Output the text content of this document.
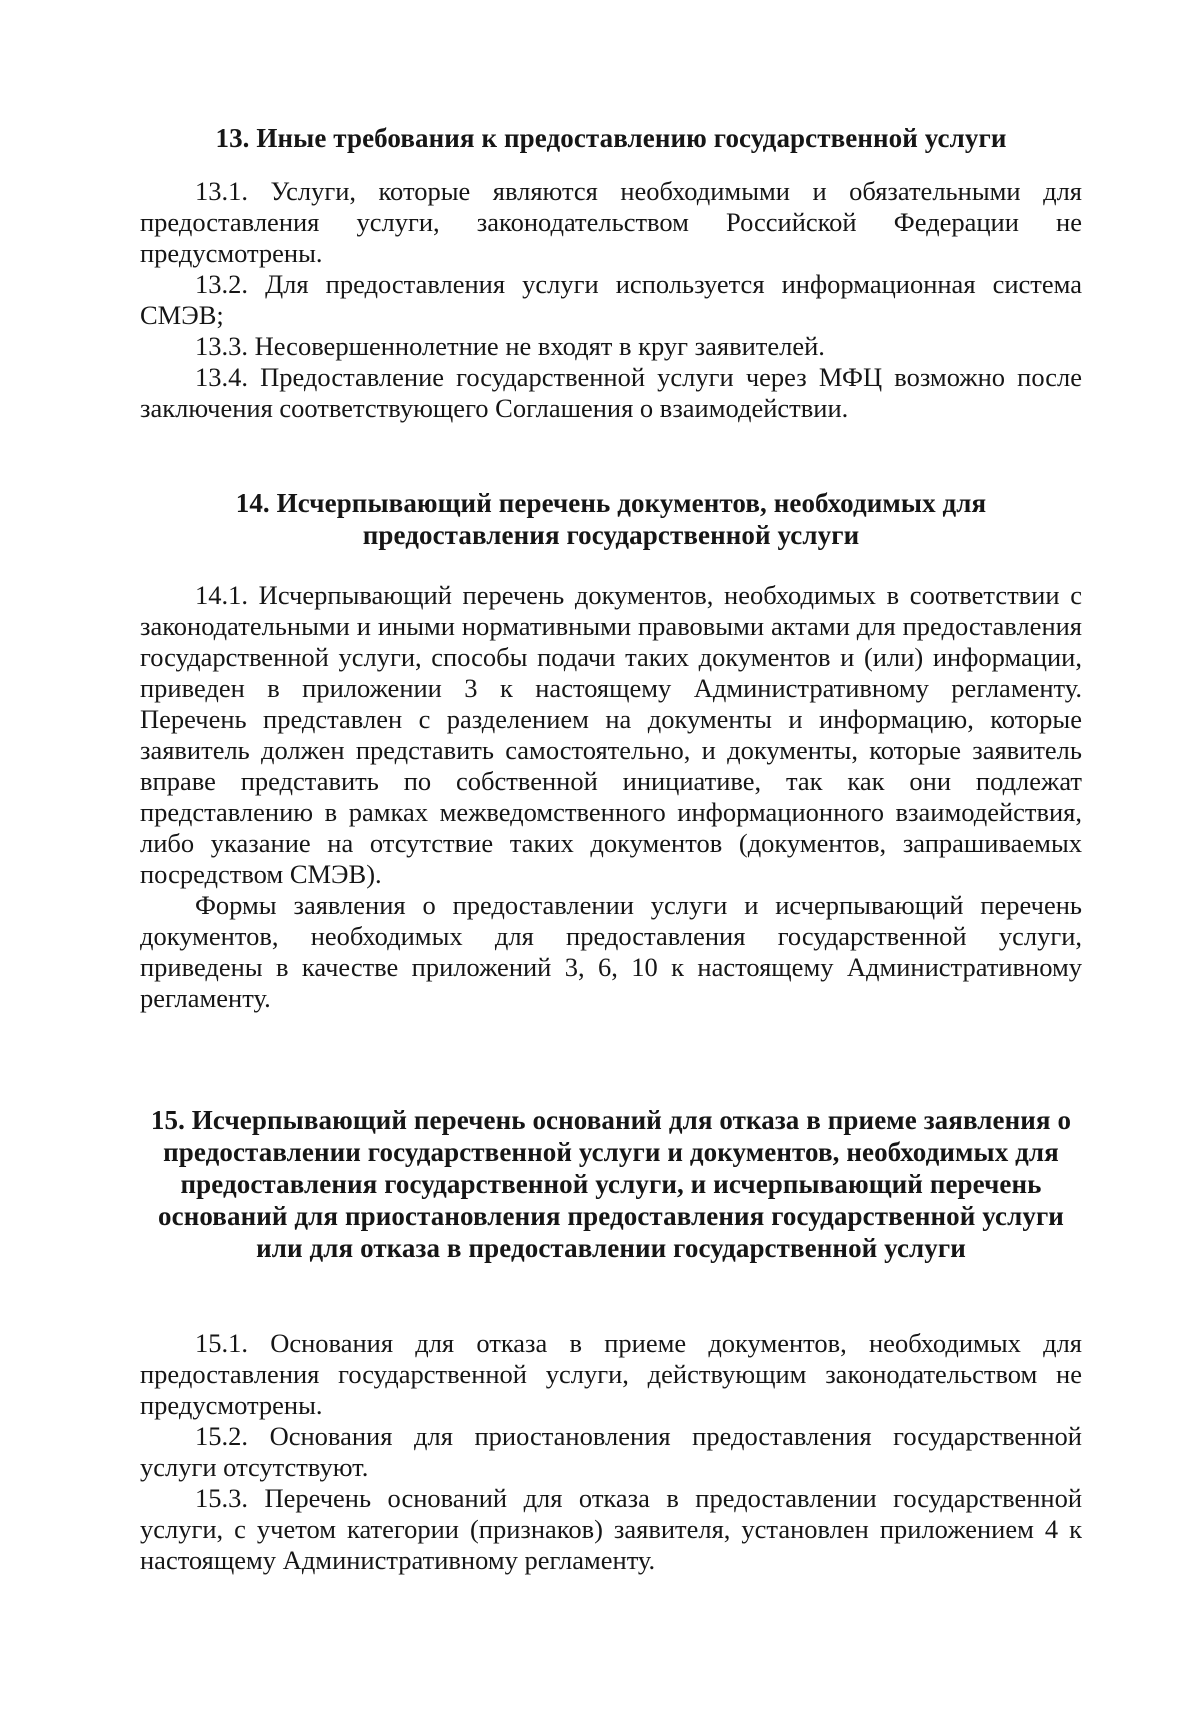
13. Иные требования к предоставлению государственной услуги

13.1. Услуги, которые являются необходимыми и обязательными для предоставления услуги, законодательством Российской Федерации не предусмотрены.

13.2. Для предоставления услуги используется информационная система СМЭВ;

13.3. Несовершеннолетние не входят в круг заявителей.

13.4. Предоставление государственной услуги через МФЦ возможно после заключения соответствующего Соглашения о взаимодействии.

14. Исчерпывающий перечень документов, необходимых для предоставления государственной услуги

14.1. Исчерпывающий перечень документов, необходимых в соответствии с законодательными и иными нормативными правовыми актами для предоставления государственной услуги, способы подачи таких документов и (или) информации, приведен в приложении 3 к настоящему Административному регламенту. Перечень представлен с разделением на документы и информацию, которые заявитель должен представить самостоятельно, и документы, которые заявитель вправе представить по собственной инициативе, так как они подлежат представлению в рамках межведомственного информационного взаимодействия, либо указание на отсутствие таких документов (документов, запрашиваемых посредством СМЭВ).

Формы заявления о предоставлении услуги и исчерпывающий перечень документов, необходимых для предоставления государственной услуги, приведены в качестве приложений 3, 6, 10 к настоящему Административному регламенту.

15. Исчерпывающий перечень оснований для отказа в приеме заявления о предоставлении государственной услуги и документов, необходимых для предоставления государственной услуги, и исчерпывающий перечень оснований для приостановления предоставления государственной услуги или для отказа в предоставлении государственной услуги

15.1. Основания для отказа в приеме документов, необходимых для предоставления государственной услуги, действующим законодательством не предусмотрены.

15.2. Основания для приостановления предоставления государственной услуги отсутствуют.

15.3. Перечень оснований для отказа в предоставлении государственной услуги, с учетом категории (признаков) заявителя, установлен приложением 4 к настоящему Административному регламенту.
